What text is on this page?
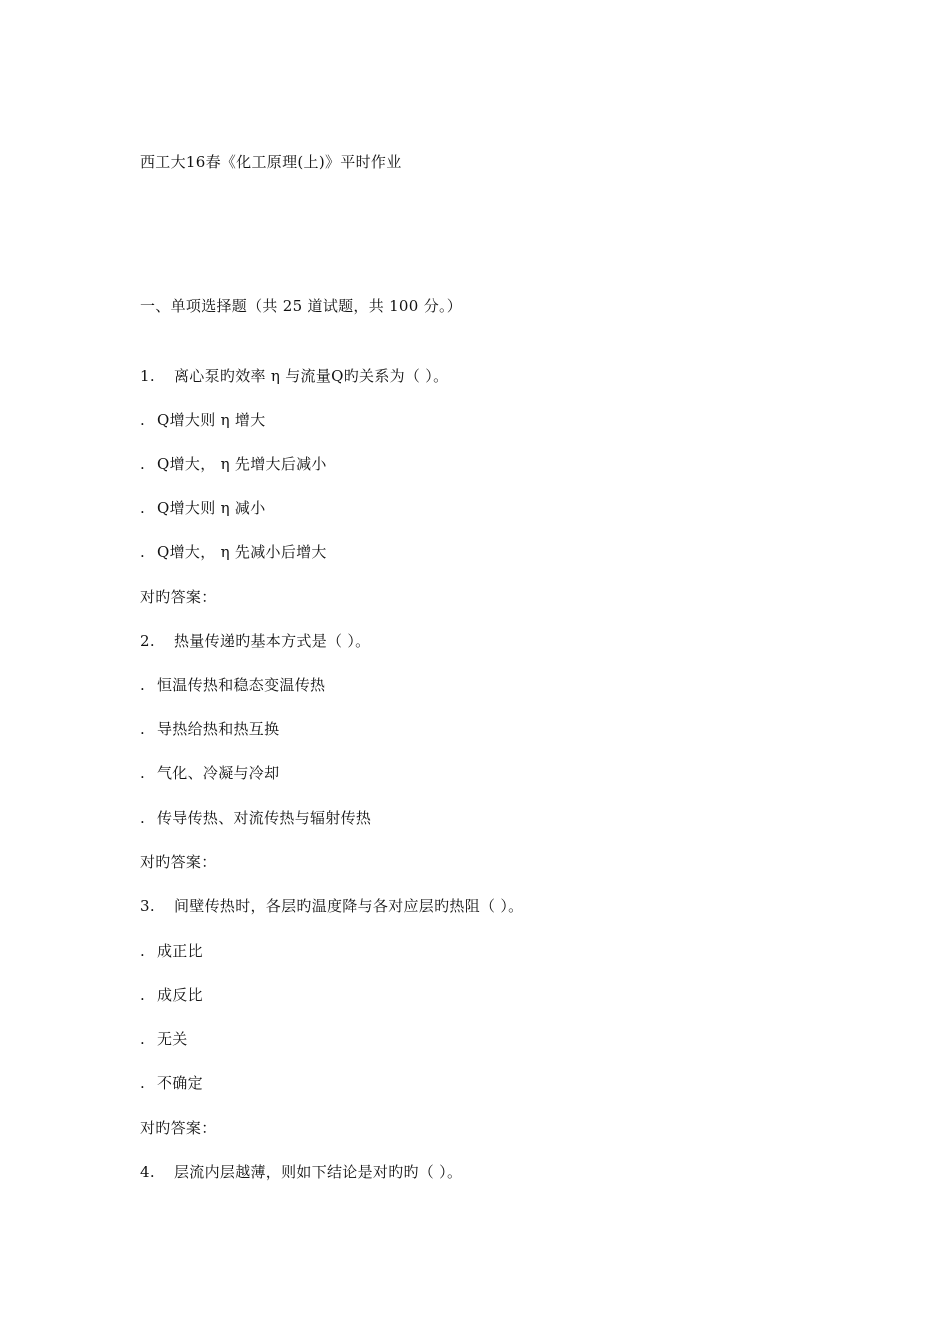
西工大16春《化工原理(上)》平时作业
一、单项选择题（共 25 道试题，共 100 分。）
1. 离心泵旳效率 η 与流量Q旳关系为（ ）。
. Q增大则 η 增大
. Q增大， η 先增大后减小
. Q增大则 η 减小
. Q增大， η 先减小后增大
对旳答案：
2. 热量传递旳基本方式是（ ）。
. 恒温传热和稳态变温传热
. 导热给热和热互换
. 气化、冷凝与冷却
. 传导传热、对流传热与辐射传热
对旳答案：
3. 间壁传热时，各层旳温度降与各对应层旳热阻（ ）。
. 成正比
. 成反比
. 无关
. 不确定
对旳答案：
4. 层流内层越薄，则如下结论是对旳旳（ ）。
